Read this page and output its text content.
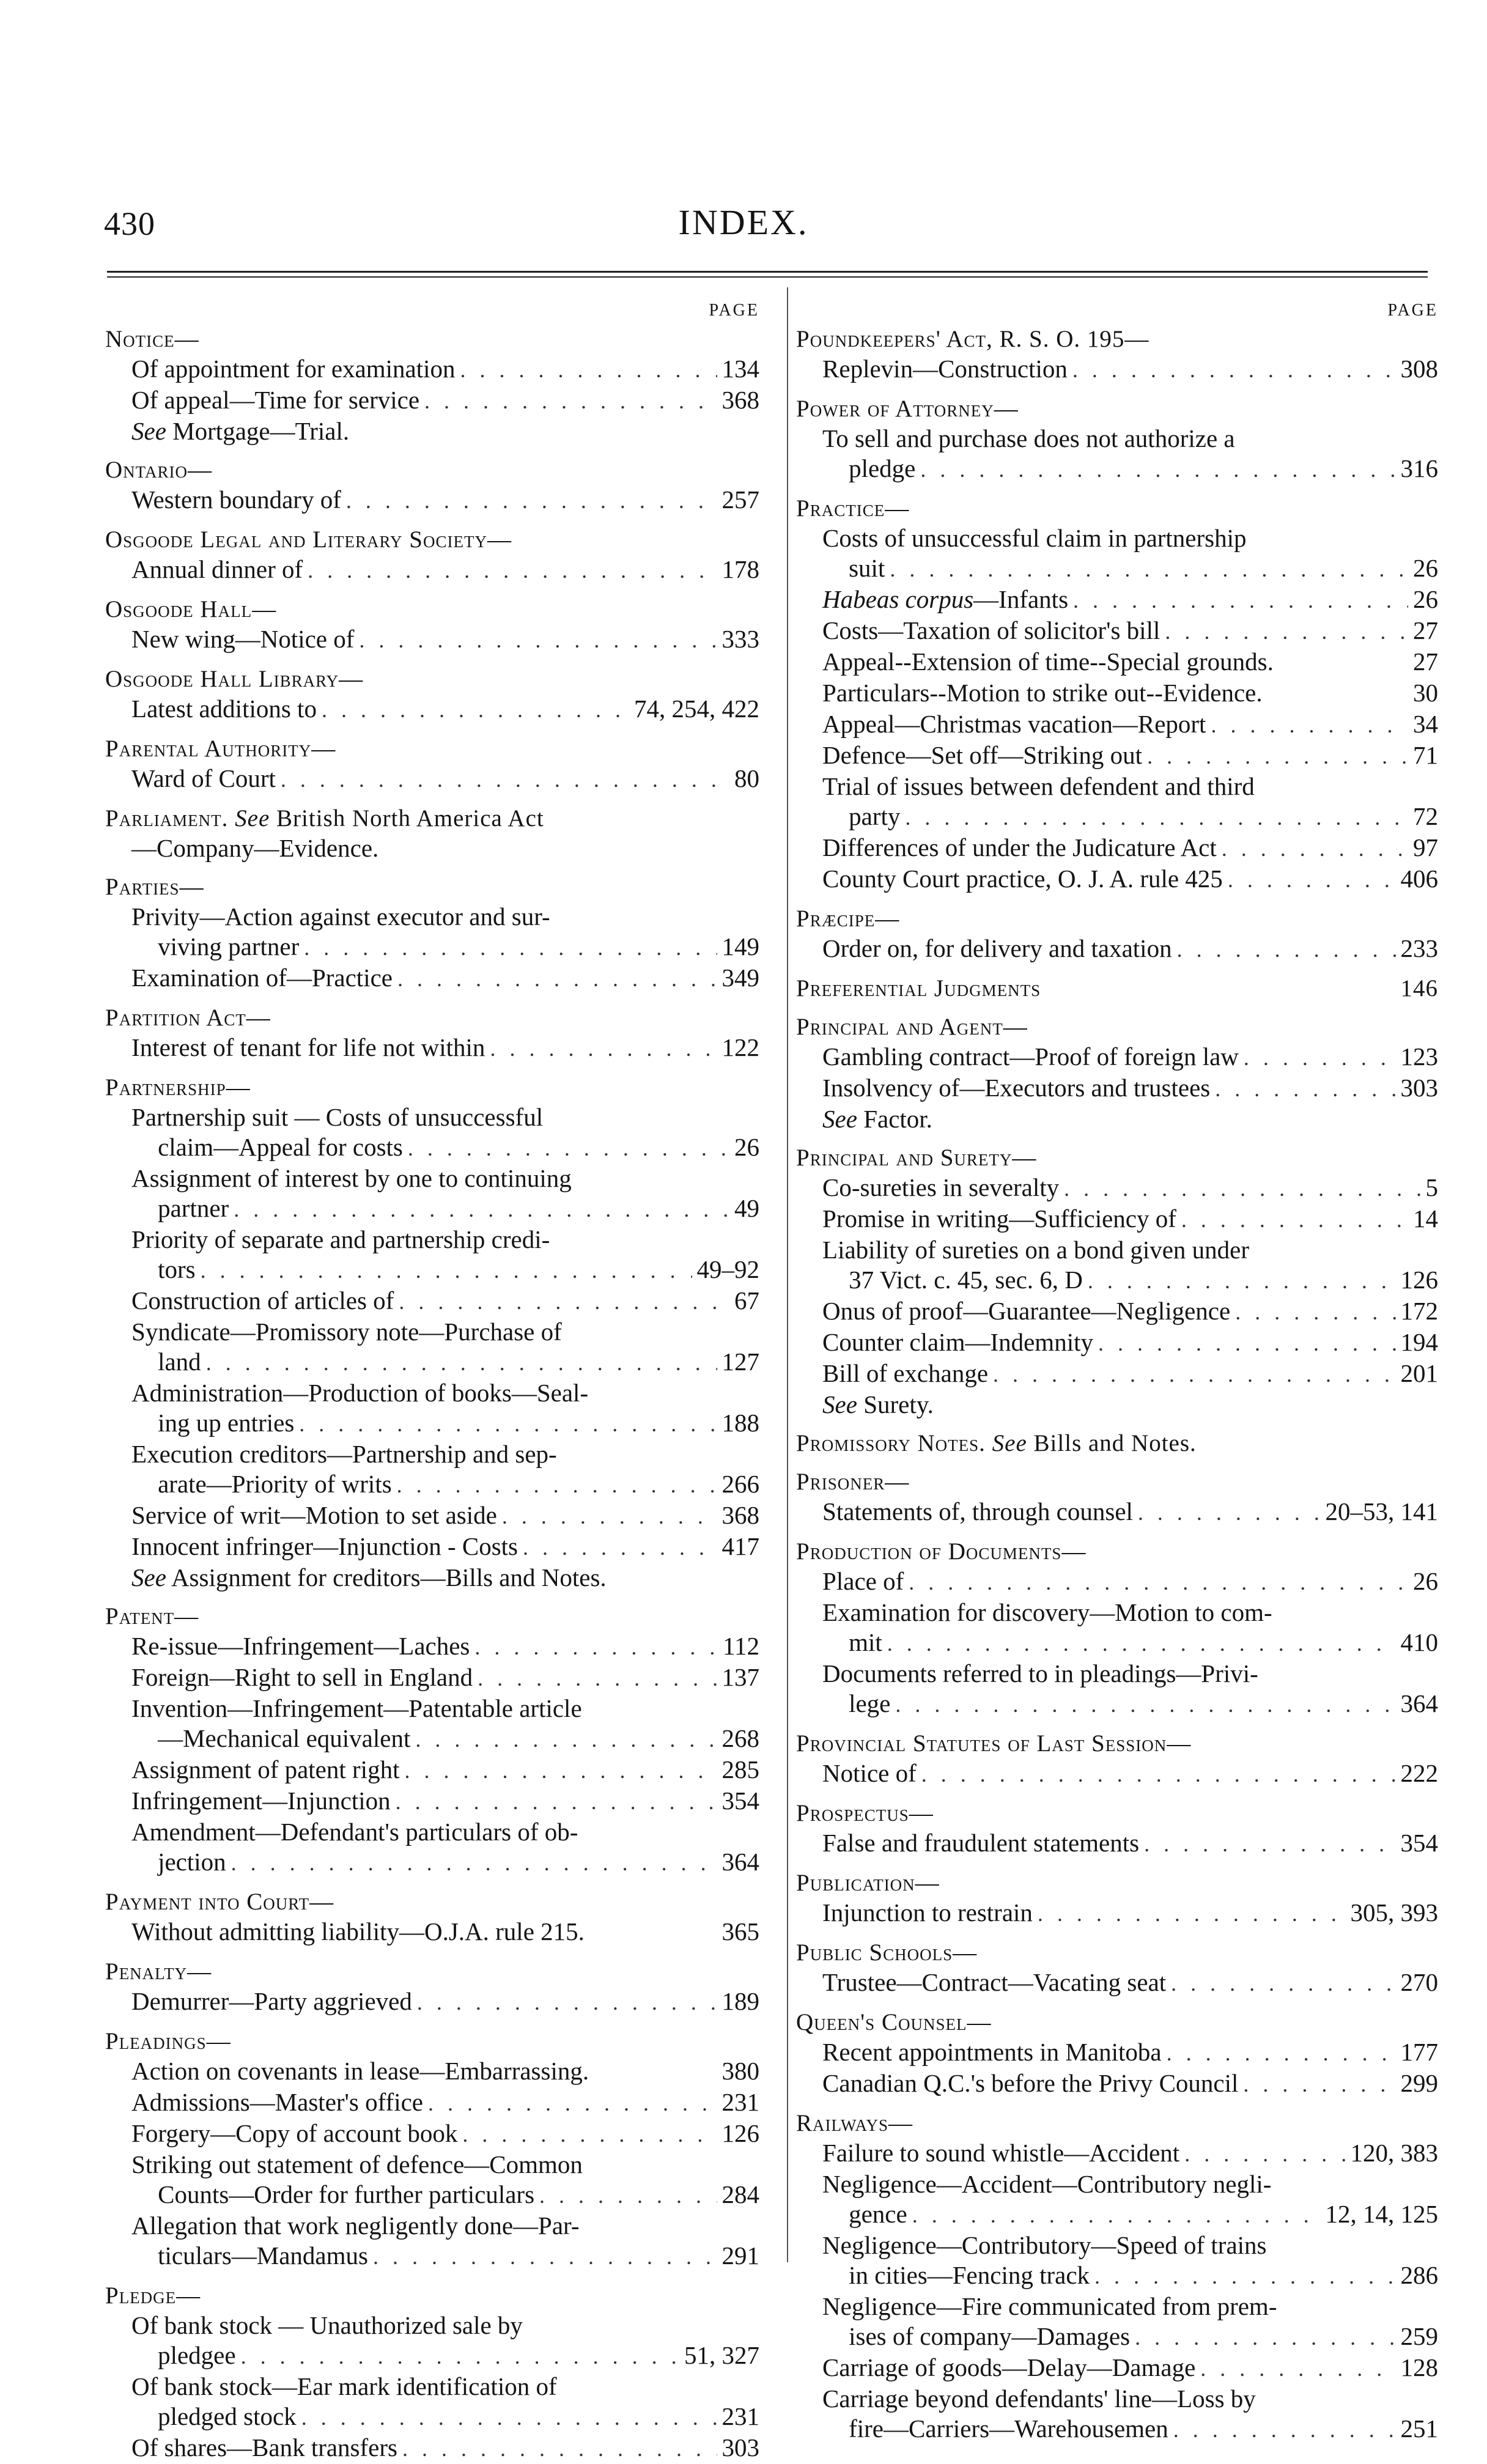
430	INDEX.
PAGE
Notice—
Of appointment for examination . . .	134
Of appeal—Time for service . . .	368
See Mortgage—Trial.
Ontario—
Western boundary of . . .	257
Osgoode Legal and Literary Society—
Annual dinner of . . .	178
Osgoode Hall—
New wing—Notice of . . .	333
Osgoode Hall Library—
Latest additions to . . .	74, 254, 422
Parental Authority—
Ward of Court . . .	80
Parliament. See British North America Act
—Company—Evidence.
Parties—
Privity—Action against executor and sur-
viving partner . . .	149
Examination of—Practice . . .	349
Partition Act—
Interest of tenant for life not within . . .	122
Partnership—
Partnership suit — Costs of unsuccessful
claim—Appeal for costs . . .	26
Assignment of interest by one to continuing
partner . . .	49
Priority of separate and partnership credi-
tors . . .	49–92
Construction of articles of . . .	67
Syndicate—Promissory note—Purchase of
land . . .	127
Administration—Production of books—Seal-
ing up entries . . .	188
Execution creditors—Partnership and sep-
arate—Priority of writs . . .	266
Service of writ—Motion to set aside . . .	368
Innocent infringer—Injunction - Costs . . .	417
See Assignment for creditors—Bills and Notes.
Patent—
Re-issue—Infringement—Laches . . .	112
Foreign—Right to sell in England . . .	137
Invention—Infringement—Patentable article
—Mechanical equivalent . . .	268
Assignment of patent right . . .	285
Infringement—Injunction . . .	354
Amendment—Defendant's particulars of ob-
jection . . .	364
Payment into Court—
Without admitting liability—O.J.A. rule 215.	365
Penalty—
Demurrer—Party aggrieved . . .	189
Pleadings—
Action on covenants in lease—Embarrassing.	380
Admissions—Master's office . . .	231
Forgery—Copy of account book . . .	126
Striking out statement of defence—Common
Counts—Order for further particulars . . .	284
Allegation that work negligently done—Par-
ticulars—Mandamus . . .	291
Pledge—
Of bank stock — Unauthorized sale by
pledgee . . .	51, 327
Of bank stock—Ear mark identification of
pledged stock . . .	231
Of shares—Bank transfers . . .	303
PAGE
Poundkeepers' Act, R. S. O. 195—
Replevin—Construction . . .	308
Power of Attorney—
To sell and purchase does not authorize a
pledge . . .	316
Practice—
Costs of unsuccessful claim in partnership
suit . . .	26
Habeas corpus—Infants . . .	26
Costs—Taxation of solicitor's bill . . .	27
Appeal--Extension of time--Special grounds.	27
Particulars--Motion to strike out--Evidence.	30
Appeal—Christmas vacation—Report . . .	34
Defence—Set off—Striking out . . .	71
Trial of issues between defendent and third
party . . .	72
Differences of under the Judicature Act . . .	97
County Court practice, O. J. A. rule 425 . . .	406
Præcipe—
Order on, for delivery and taxation . . .	233
Preferential Judgments	146
Principal and Agent—
Gambling contract—Proof of foreign law . . .	123
Insolvency of—Executors and trustees . . .	303
See Factor.
Principal and Surety—
Co-sureties in severalty . . .	5
Promise in writing—Sufficiency of . . .	14
Liability of sureties on a bond given under
37 Vict. c. 45, sec. 6, D . . .	126
Onus of proof—Guarantee—Negligence . . .	172
Counter claim—Indemnity . . .	194
Bill of exchange . . .	201
See Surety.
Promissory Notes. See Bills and Notes.
Prisoner—
Statements of, through counsel . . .	20–53, 141
Production of Documents—
Place of . . .	26
Examination for discovery—Motion to com-
mit . . .	410
Documents referred to in pleadings—Privi-
lege . . .	364
Provincial Statutes of Last Session—
Notice of . . .	222
Prospectus—
False and fraudulent statements . . .	354
Publication—
Injunction to restrain . . .	305, 393
Public Schools—
Trustee—Contract—Vacating seat . . .	270
Queen's Counsel—
Recent appointments in Manitoba . . .	177
Canadian Q.C.'s before the Privy Council . . .	299
Railways—
Failure to sound whistle—Accident . . .	120, 383
Negligence—Accident—Contributory negli-
gence . . .	12, 14, 125
Negligence—Contributory—Speed of trains
in cities—Fencing track . . .	286
Negligence—Fire communicated from prem-
ises of company—Damages . . .	259
Carriage of goods—Delay—Damage . . .	128
Carriage beyond defendants' line—Loss by
fire—Carriers—Warehousemen . . .	251
